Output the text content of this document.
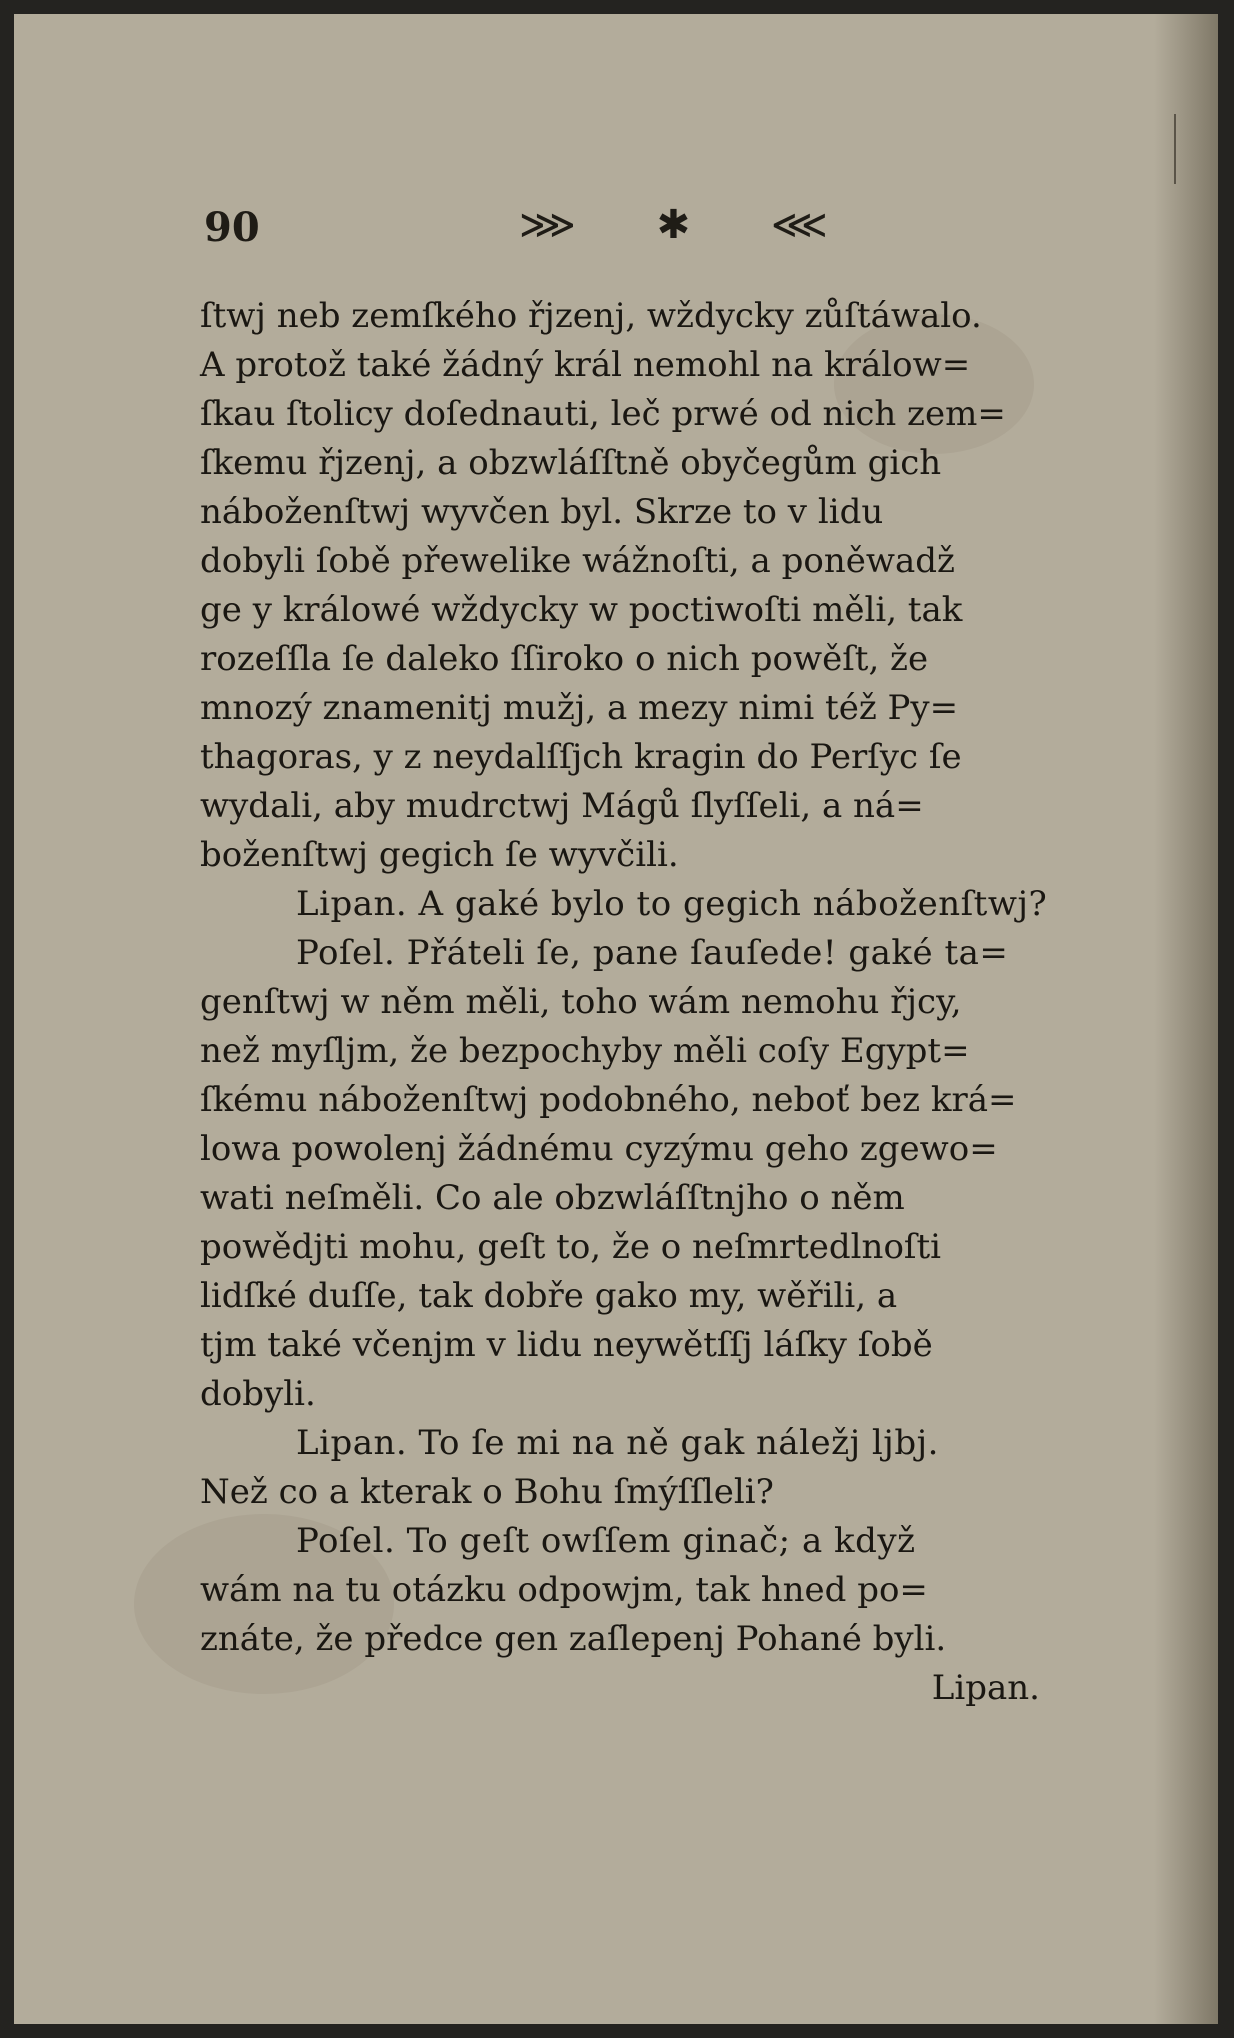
90	⋙ ✱ ⋘

ſtwj neb zemſkého řjzenj, wždycky zůſtáwalo.
A protož také žádný král nemohl na králow=
ſkau ſtolicy doſednauti, leč prwé od nich zem=
ſkemu řjzenj, a obzwláſſtně obyčegům gich
náboženſtwj wyvčen byl. Skrze to v lidu
dobyli ſobě přewelike wážnoſti, a poněwadž
ge y králowé wždycky w poctiwoſti měli, tak
rozeſſla ſe daleko ſſiroko o nich powěſt, že
mnozý znamenitj mužj, a mezy nimi též Py=
thagoras, y z neydalſſjch kragin do Perſyc ſe
wydali, aby mudrctwj Mágů ſlyſſeli, a ná=
boženſtwj gegich ſe wyvčili.

Lipan. A gaké bylo to gegich náboženſtwj?

Poſel. Přáteli ſe, pane ſauſede! gaké ta=
genſtwj w něm měli, toho wám nemohu řjcy,
než myſljm, že bezpochyby měli coſy Egypt=
ſkému náboženſtwj podobného, neboť bez krá=
lowa powolenj žádnému cyzýmu geho zgewo=
wati neſměli. Co ale obzwláſſtnjho o něm
powědjti mohu, geſt to, že o neſmrtedlnoſti
lidſké duſſe, tak dobře gako my, wěřili, a
tjm také včenjm v lidu neywětſſj láſky ſobě
dobyli.

Lipan. To ſe mi na ně gak náležj ljbj.
Než co a kterak o Bohu ſmýſſleli?

Poſel. To geſt owſſem ginač; a když
wám na tu otázku odpowjm, tak hned po=
znáte, že předce gen zaſlepenj Pohané byli.

Lipan.
